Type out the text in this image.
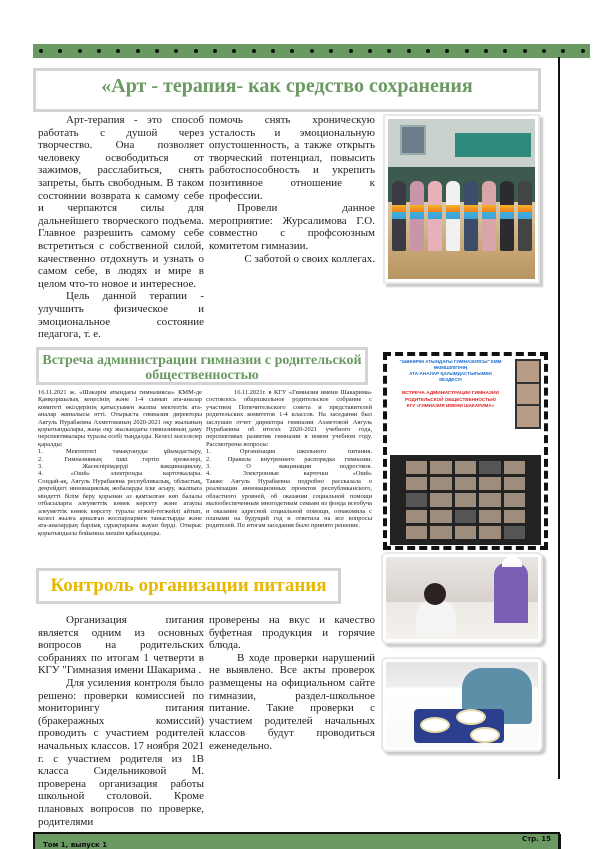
«Арт - терапия- как средство сохранения

Арт-терапия - это способ работать с душой через творчество. Она позволяет человеку освободиться от зажимов, расслабиться, снять запреты, быть свободным. В таком состоянии возврата к самому себе и черпаются силы для дальнейшего творческого подъема. Главное разрешить самому себе встретиться с собственной силой, качественно отдохнуть и узнать о самом себе, в людях и мире в целом что-то новое и интересное.

Цель данной терапии - улучшить физическое и эмоциональное состояние педагога, т. е.

помочь снять хроническую усталость и эмоциональную опустошенность, а также открыть творческий потенциал, повысить работоспособность и укрепить позитивное отношение к профессии.

Провели данное мероприятие: Журсалимова Г.О. совместно с профсоюзным комитетом гимназии.

С заботой о своих коллегах.

Встреча администрации гимназии с родительской общественностью

16.11.2021 ж. «Шәкәрім атындағы гимназиясы» КММ-де Қамқоршылық кеңесінің және 1-4 сынып ата-аналар комитеті өкілдерінің қатысуымен жалпы мектептік ата-аналар жиналысы өтті. Отырыста гимназия директоры Аягуль Нурабаевна Ахметованың 2020-2021 оқу жылының қорытындылары, жаңа оқу жылындағы гимназияның даму перспективалары туралы есебі тыңдалды. Келесі мәселелер қаралды:

1.	Мектептегі	тамақтануды	ұйымдастыру,
2.	Гимназияның ішкі тәртіп ережелері,
3.	Жасөспірімдерді	вакцинациялау,
4.	«Ошй»	электронды	карточкалары.

Сондай-ақ, Аягуль Нурабаевна республикалық, облыстық, деңгейдегі инновациялық жобаларды іске асыру, жалпыға міндетті білім беру қорынан аз қамтылған көп балалы отбасыларға әлеуметтік көмек көрсету және атаулы әлеуметтік көмек көрсету туралы егжей-тегжейлі айтып, келесі жылға арналған жоспарлармен таныстырды және ата-аналардың барлық сұрақтарына жауап берді. Отырыс қорытындысы бойынша шешім қабылданды.

16.11.2021г. в КГУ «Гимназия имени Шакарима» состоялось общешкольное родительское собрание с участием Попечительского совета и представителей родительских комитетов 1-4 классов. На заседании был заслушан отчет директора гимназии Ахметовой Аягуль Нурабаевны об итогах 2020-2021 учебного года, перспективах развития гимназии в новом учебном году. Рассмотрены вопросы:

1.	Организация	школьного	питания.
2.	Правила внутреннего распорядка гимназии.
3.	О	вакцинации	подростков.
4.	Электронные	карточки	«Ошй»

Также Аягуль Нурабаевна подробно рассказала о реализации инновационных проектов республиканского, областного уровней, об оказании социальной помощи малообеспеченным многодетным семьям из фонда всеобуча и оказание адресной социальной помощи, ознакомила с планами на будущий год и ответила на все вопросы родителей. По итогам заседания было принято решение.

"ШӘКӘРІМ АТЫНДАҒЫ ГИМНАЗИЯСЫ" КММ ӘКІМШІЛІГІНІҢ
АТА-АНАЛАР ҚАУЫМДАСТЫҒЫМЕН
КЕЗДЕСУІ
ВСТРЕЧА АДМИНИСТРАЦИИ ГИМНАЗИИ
РОДИТЕЛЬСКОЙ ОБЩЕСТВЕННОСТЬЮ
КГУ «ГИМНАЗИЯ ИМЕНИ ШАКАРИМА»
Контроль организации питания

Организация питания является одним из основных вопросов на родительских собраниях по итогам 1 четверти в КГУ "Гимназия имени Шакарима .

Для усиления контроля было решено: проверки комиссией по мониторингу питания (бракеражных комиссий) проводить с участием родителей начальных классов. 17 ноября 2021 г. с участием родителя из 1В класса Сидельниковой М. проверена организация работы школьной столовой. Кроме плановых вопросов по проверке, родителями

проверены на вкус и качество буфетная продукция и горячие блюда.

В ходе проверки нарушений не выявлено. Все акты проверок размещены на официальном сайте гимназии, раздел-школьное питание. Такие проверки с участием родителей начальных классов будут проводиться еженедельно.

Том 1, выпуск 1
Стр. 15
